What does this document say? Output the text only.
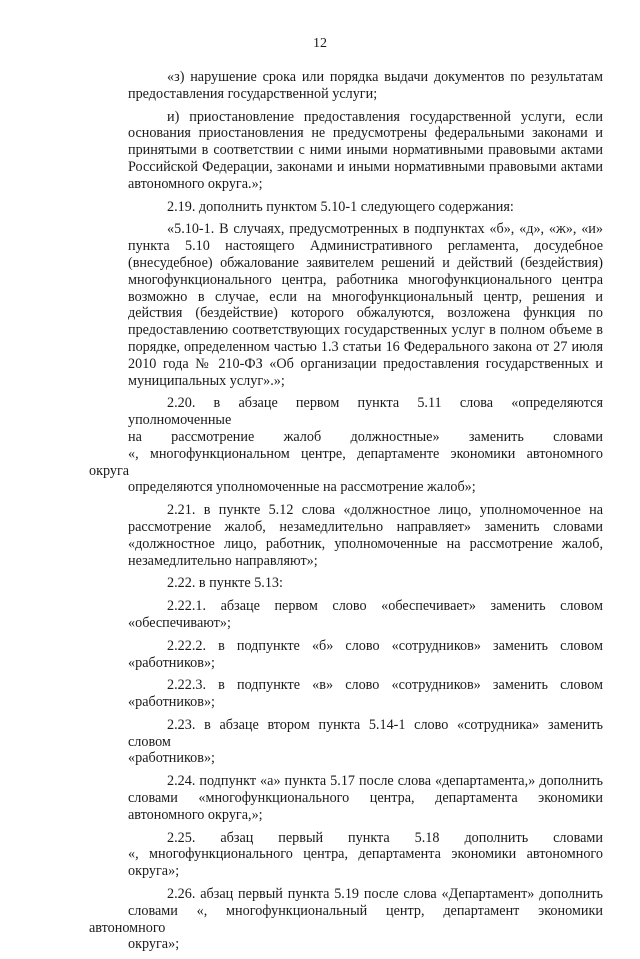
12
«з) нарушение срока или порядка выдачи документов по результатам
предоставления государственной услуги;
и) приостановление предоставления государственной услуги, если
основания приостановления не предусмотрены федеральными законами и
принятыми в соответствии с ними иными нормативными правовыми актами
Российской Федерации, законами и иными нормативными правовыми актами
автономного округа.»;
2.19. дополнить пунктом 5.10-1 следующего содержания:
«5.10-1. В случаях, предусмотренных в подпунктах «б», «д», «ж», «и»
пункта 5.10 настоящего Административного регламента, досудебное
(внесудебное) обжалование заявителем решений и действий (бездействия)
многофункционального центра, работника многофункционального центра
возможно в случае, если на многофункциональный центр, решения и
действия (бездействие) которого обжалуются, возложена функция по
предоставлению соответствующих государственных услуг в полном объеме в
порядке, определенном частью 1.3 статьи 16 Федерального закона от 27 июля
2010 года № 210-ФЗ «Об организации предоставления государственных и
муниципальных услуг».»;
2.20. в абзаце первом пункта 5.11 слова «определяются уполномоченные
на рассмотрение жалоб должностные» заменить словами
«, многофункциональном центре, департаменте экономики автономного округа
определяются уполномоченные на рассмотрение жалоб»;
2.21. в пункте 5.12 слова «должностное лицо, уполномоченное на
рассмотрение жалоб, незамедлительно направляет» заменить словами
«должностное лицо, работник, уполномоченные на рассмотрение жалоб,
незамедлительно направляют»;
2.22. в пункте 5.13:
2.22.1. абзаце первом слово «обеспечивает» заменить словом
«обеспечивают»;
2.22.2. в подпункте «б» слово «сотрудников» заменить словом
«работников»;
2.22.3. в подпункте «в» слово «сотрудников» заменить словом
«работников»;
2.23. в абзаце втором пункта 5.14-1 слово «сотрудника» заменить словом
«работников»;
2.24. подпункт «а» пункта 5.17 после слова «департамента,» дополнить
словами «многофункционального центра, департамента экономики
автономного округа,»;
2.25. абзац первый пункта 5.18 дополнить словами
«, многофункционального центра, департамента экономики автономного
округа»;
2.26. абзац первый пункта 5.19 после слова «Департамент» дополнить
словами «, многофункциональный центр, департамент экономики автономного
округа»;
